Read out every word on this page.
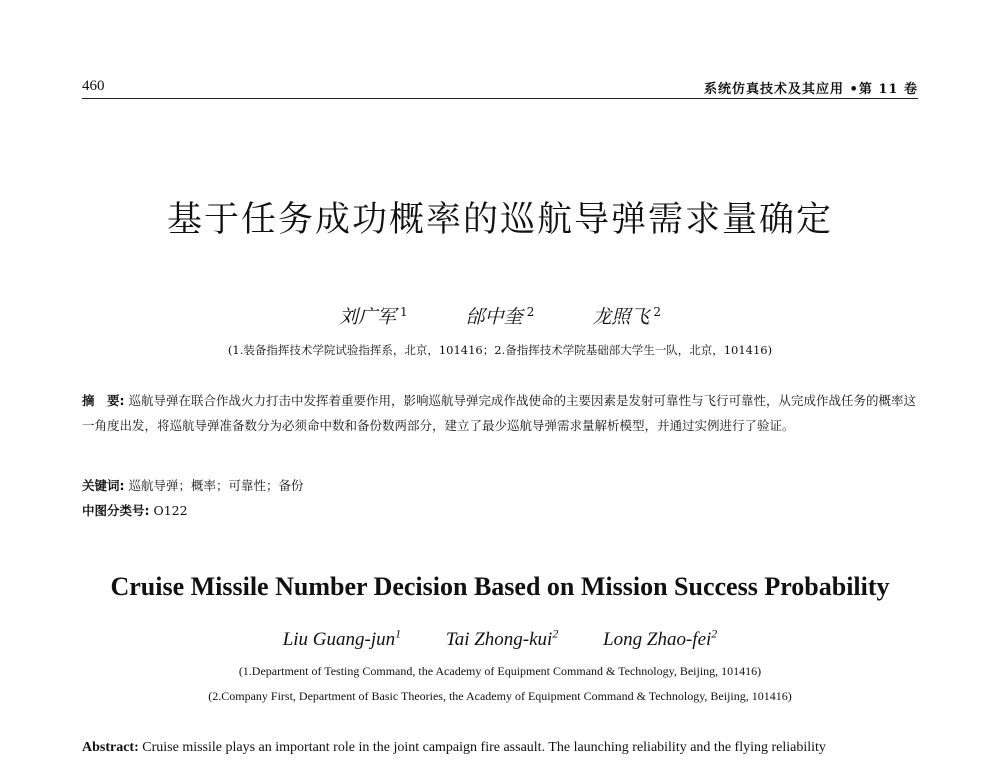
460	系统仿真技术及其应用 •第 11 卷
基于任务成功概率的巡航导弹需求量确定
刘广军 $^1$	邰中奎 $^2$	龙照飞 $^2$
(1.装备指挥技术学院试验指挥系，北京，101416；2.备指挥技术学院基础部大学生一队，北京，101416)
摘　要: 巡航导弹在联合作战火力打击中发挥着重要作用，影响巡航导弹完成作战使命的主要因素是发射可靠性与飞行可靠性，从完成作战任务的概率这一角度出发，将巡航导弹准备数分为必须命中数和备份数两部分，建立了最少巡航导弹需求量解析模型，并通过实例进行了验证。
关键词: 巡航导弹；概率；可靠性；备份
中图分类号: O122
Cruise Missile Number Decision Based on Mission Success Probability
Liu Guang-jun$^1$ Tai Zhong-kui$^2$ Long Zhao-fei$^2$
(1.Department of Testing Command, the Academy of Equipment Command & Technology, Beijing, 101416)
(2.Company First, Department of Basic Theories, the Academy of Equipment Command & Technology, Beijing, 101416)
Abstract: Cruise missile plays an important role in the joint campaign fire assault. The launching reliability and the flying reliability
